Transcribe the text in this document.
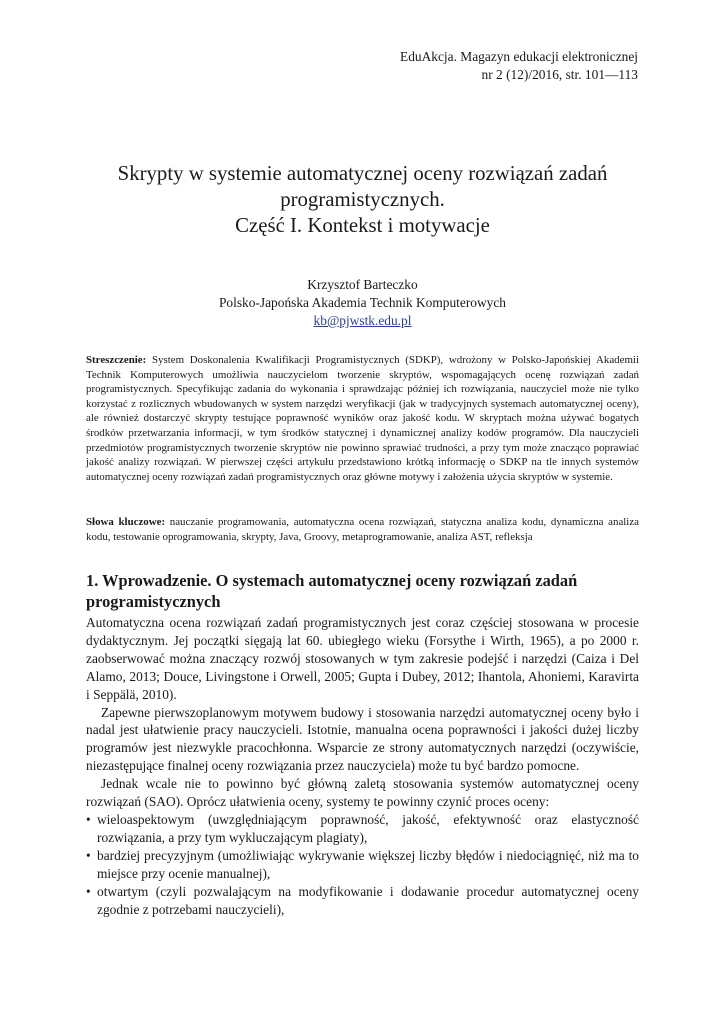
EduAkcja. Magazyn edukacji elektronicznej
nr 2 (12)/2016, str. 101—113
Skrypty w systemie automatycznej oceny rozwiązań zadań
programistycznych.
Część I. Kontekst i motywacje
Krzysztof Barteczko
Polsko-Japońska Akademia Technik Komputerowych
kb@pjwstk.edu.pl
Streszczenie: System Doskonalenia Kwalifikacji Programistycznych (SDKP), wdrożony w Polsko-Japońskiej Akademii Technik Komputerowych umożliwia nauczycielom tworzenie skryptów, wspomagających ocenę rozwiązań zadań programistycznych. Specyfikując zadania do wykonania i sprawdzając później ich rozwiązania, nauczyciel może nie tylko korzystać z rozlicznych wbudowanych w system narzędzi weryfikacji (jak w tradycyjnych systemach automatycznej oceny), ale również dostarczyć skrypty testujące poprawność wyników oraz jakość kodu. W skryptach można używać bogatych środków przetwarzania informacji, w tym środków statycznej i dynamicznej analizy kodów programów. Dla nauczycieli przedmiotów programistycznych tworzenie skryptów nie powinno sprawiać trudności, a przy tym może znacząco poprawiać jakość analizy rozwiązań. W pierwszej części artykułu przedstawiono krótką informację o SDKP na tle innych systemów automatycznej oceny rozwiązań zadań programistycznych oraz główne motywy i założenia użycia skryptów w systemie.
Słowa kluczowe: nauczanie programowania, automatyczna ocena rozwiązań, statyczna analiza kodu, dynamiczna analiza kodu, testowanie oprogramowania, skrypty, Java, Groovy, metaprogramowanie, analiza AST, refleksja
1. Wprowadzenie. O systemach automatycznej oceny rozwiązań zadań programistycznych

Automatyczna ocena rozwiązań zadań programistycznych jest coraz częściej stosowana w procesie dydaktycznym. Jej początki sięgają lat 60. ubiegłego wieku (Forsythe i Wirth, 1965), a po 2000 r. zaobserwować można znaczący rozwój stosowanych w tym zakresie podejść i narzędzi (Caiza i Del Alamo, 2013; Douce, Livingstone i Orwell, 2005; Gupta i Dubey, 2012; Ihantola, Ahoniemi, Karavirta i Seppälä, 2010).

Zapewne pierwszoplanowym motywem budowy i stosowania narzędzi automatycznej oceny było i nadal jest ułatwienie pracy nauczycieli. Istotnie, manualna ocena poprawności i jakości dużej liczby programów jest niezwykle pracochłonna. Wsparcie ze strony automatycznych narzędzi (oczywiście, niezastępujące finalnej oceny rozwiązania przez nauczyciela) może tu być bardzo pomocne.

Jednak wcale nie to powinno być główną zaletą stosowania systemów automatycznej oceny rozwiązań (SAO). Oprócz ułatwienia oceny, systemy te powinny czynić proces oceny:

• wieloaspektowym (uwzględniającym poprawność, jakość, efektywność oraz elastyczność rozwiązania, a przy tym wykluczającym plagiaty),
• bardziej precyzyjnym (umożliwiając wykrywanie większej liczby błędów i niedociągnięć, niż ma to miejsce przy ocenie manualnej),
• otwartym (czyli pozwalającym na modyfikowanie i dodawanie procedur automatycznej oceny zgodnie z potrzebami nauczycieli),
